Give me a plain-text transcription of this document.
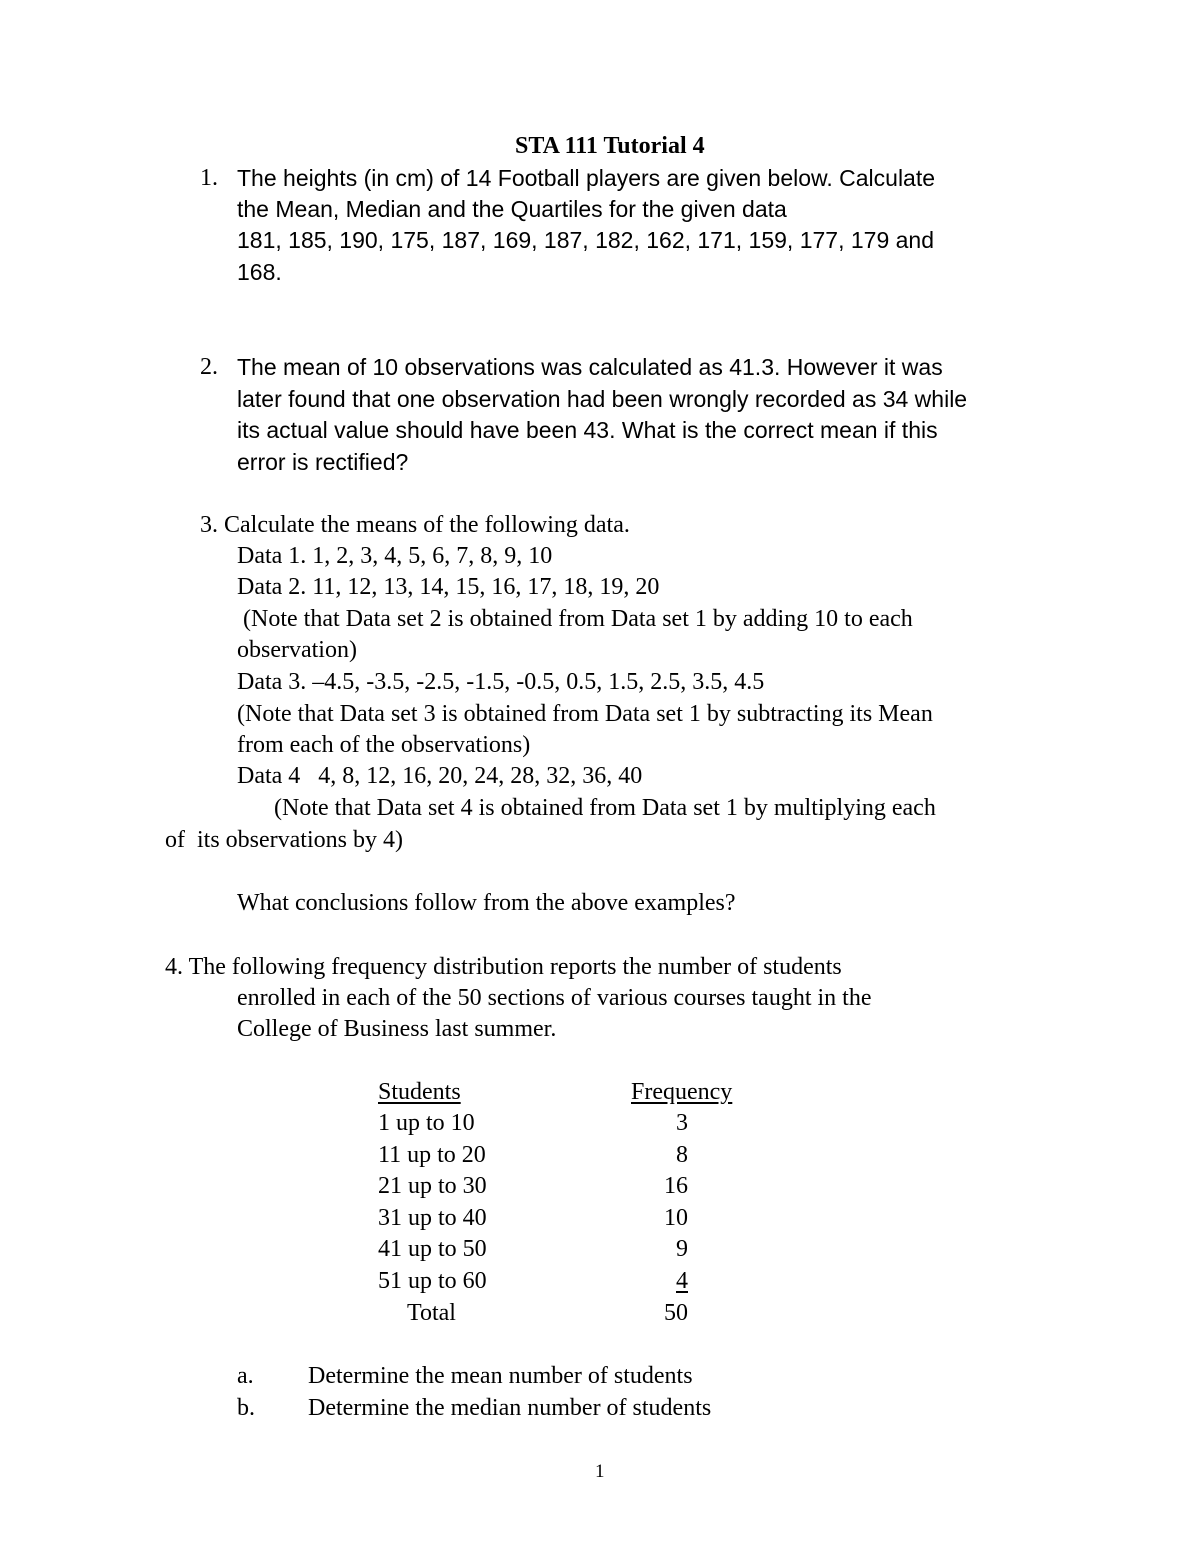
STA 111 Tutorial 4
1. The heights (in cm) of 14 Football players are given below. Calculate
the Mean, Median and the Quartiles for the given data
181, 185, 190, 175, 187, 169, 187, 182, 162, 171, 159, 177, 179 and
168.
2. The mean of 10 observations was calculated as 41.3. However it was
later found that one observation had been wrongly recorded as 34 while
its actual value should have been 43. What is the correct mean if this
error is rectified?
3. Calculate the means of the following data.
Data 1. 1, 2, 3, 4, 5, 6, 7, 8, 9, 10
Data 2. 11, 12, 13, 14, 15, 16, 17, 18, 19, 20
(Note that Data set 2 is obtained from Data set 1 by adding 10 to each
observation)
Data 3. –4.5, -3.5, -2.5, -1.5, -0.5, 0.5, 1.5, 2.5, 3.5, 4.5
(Note that Data set 3 is obtained from Data set 1 by subtracting its Mean
from each of the observations)
Data 4   4, 8, 12, 16, 20, 24, 28, 32, 36, 40
(Note that Data set 4 is obtained from Data set 1 by multiplying each
of  its observations by 4)
What conclusions follow from the above examples?
4. The following frequency distribution reports the number of students
enrolled in each of the 50 sections of various courses taught in the
College of Business last summer.
Students	Frequency
1 up to 10	3
11 up to 20	8
21 up to 30	16
31 up to 40	10
41 up to 50	9
51 up to 60	4
Total	50
a. Determine the mean number of students
b. Determine the median number of students
1
